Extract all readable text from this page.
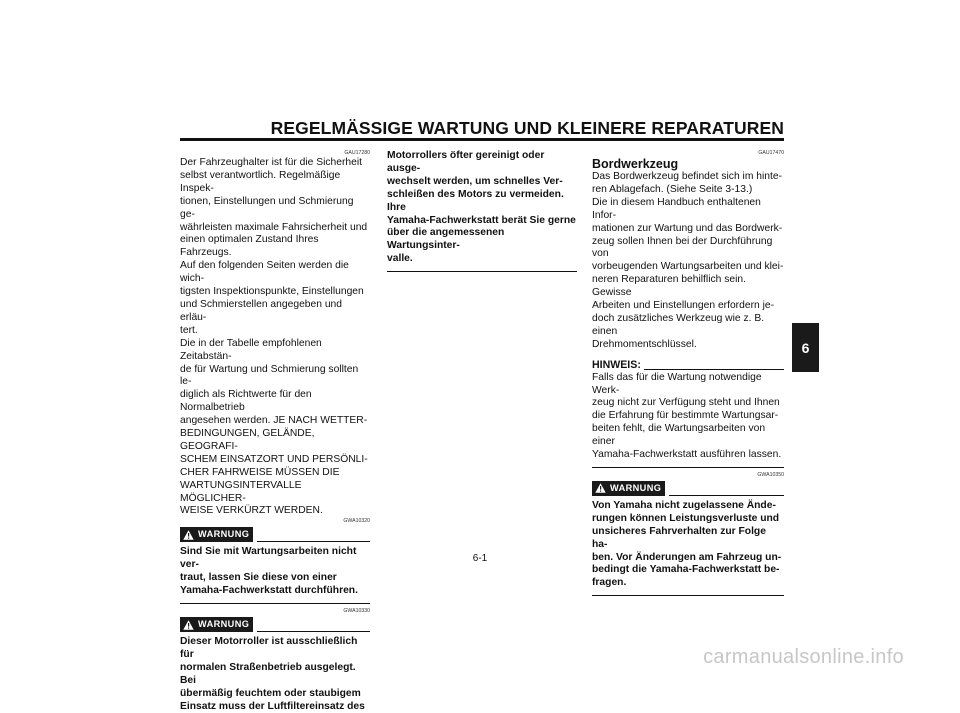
REGELMÄSSIGE WARTUNG UND KLEINERE REPARATUREN
GAU17280

Der Fahrzeughalter ist für die Sicherheit
selbst verantwortlich. Regelmäßige Inspek-
tionen, Einstellungen und Schmierung ge-
währleisten maximale Fahrsicherheit und
einen optimalen Zustand Ihres Fahrzeugs.
Auf den folgenden Seiten werden die wich-
tigsten Inspektionspunkte, Einstellungen
und Schmierstellen angegeben und erläu-
tert.
Die in der Tabelle empfohlenen Zeitabstän-
de für Wartung und Schmierung sollten le-
diglich als Richtwerte für den Normalbetrieb
angesehen werden. JE NACH WETTER-
BEDINGUNGEN, GELÄNDE, GEOGRAFI-
SCHEM EINSATZORT UND PERSÖNLI-
CHER FAHRWEISE MÜSSEN DIE
WARTUNGSINTERVALLE MÖGLICHER-
WEISE VERKÜRZT WERDEN.

GWA10320
WARNUNG

Sind Sie mit Wartungsarbeiten nicht ver-
traut, lassen Sie diese von einer
Yamaha-Fachwerkstatt durchführen.

GWA10330
WARNUNG

Dieser Motorroller ist ausschließlich für
normalen Straßenbetrieb ausgelegt. Bei
übermäßig feuchtem oder staubigem
Einsatz muss der Luftfiltereinsatz des

Motorrollers öfter gereinigt oder ausge-
wechselt werden, um schnelles Ver-
schleißen des Motors zu vermeiden. Ihre
Yamaha-Fachwerkstatt berät Sie gerne
über die angemessenen Wartungsinter-
valle.

GAU17470
Bordwerkzeug

Das Bordwerkzeug befindet sich im hinte-
ren Ablagefach. (Siehe Seite 3-13.)
Die in diesem Handbuch enthaltenen Infor-
mationen zur Wartung und das Bordwerk-
zeug sollen Ihnen bei der Durchführung von
vorbeugenden Wartungsarbeiten und klei-
neren Reparaturen behilflich sein. Gewisse
Arbeiten und Einstellungen erfordern je-
doch zusätzliches Werkzeug wie z. B. einen
Drehmomentschlüssel.

HINWEIS:

Falls das für die Wartung notwendige Werk-
zeug nicht zur Verfügung steht und Ihnen
die Erfahrung für bestimmte Wartungsar-
beiten fehlt, die Wartungsarbeiten von einer
Yamaha-Fachwerkstatt ausführen lassen.

GWA10350
WARNUNG

Von Yamaha nicht zugelassene Ände-
rungen können Leistungsverluste und
unsicheres Fahrverhalten zur Folge ha-
ben. Vor Änderungen am Fahrzeug un-
bedingt die Yamaha-Fachwerkstatt be-
fragen.

6
6-1
carmanualsonline.info
